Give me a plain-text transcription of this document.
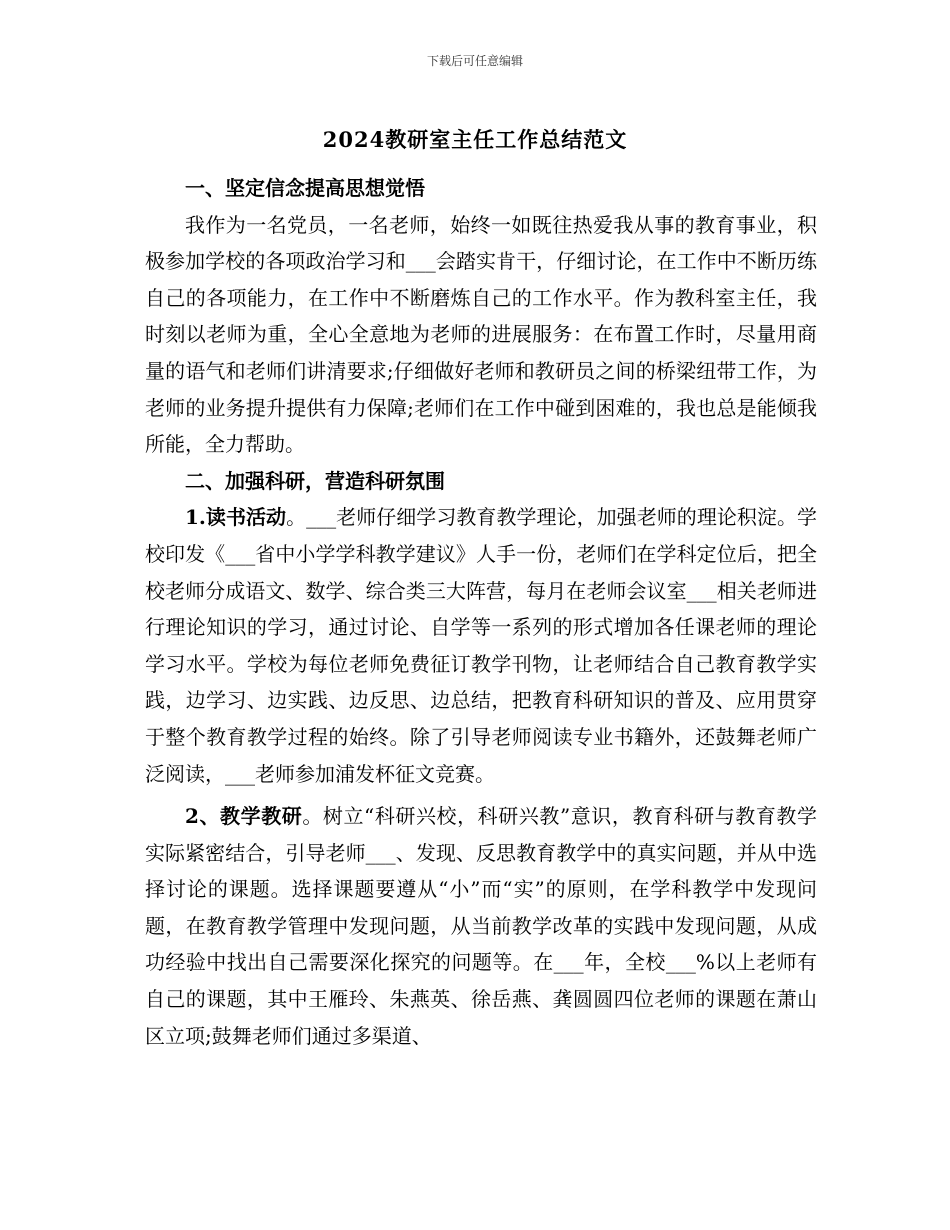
下载后可任意编辑
2024教研室主任工作总结范文

一、坚定信念提高思想觉悟

我作为一名党员，一名老师，始终一如既往热爱我从事的教育事业，积极参加学校的各项政治学习和___会踏实肯干，仔细讨论，在工作中不断历练自己的各项能力，在工作中不断磨炼自己的工作水平。作为教科室主任，我时刻以老师为重，全心全意地为老师的进展服务：在布置工作时，尽量用商量的语气和老师们讲清要求;仔细做好老师和教研员之间的桥梁纽带工作，为老师的业务提升提供有力保障;老师们在工作中碰到困难的，我也总是能倾我所能，全力帮助。

二、加强科研，营造科研氛围

1.读书活动。___老师仔细学习教育教学理论，加强老师的理论积淀。学校印发《___省中小学学科教学建议》人手一份，老师们在学科定位后，把全校老师分成语文、数学、综合类三大阵营，每月在老师会议室___相关老师进行理论知识的学习，通过讨论、自学等一系列的形式增加各任课老师的理论学习水平。学校为每位老师免费征订教学刊物，让老师结合自己教育教学实践，边学习、边实践、边反思、边总结，把教育科研知识的普及、应用贯穿于整个教育教学过程的始终。除了引导老师阅读专业书籍外，还鼓舞老师广泛阅读，___老师参加浦发杯征文竞赛。

2、教学教研。树立“科研兴校，科研兴教”意识，教育科研与教育教学实际紧密结合，引导老师___、发现、反思教育教学中的真实问题，并从中选择讨论的课题。选择课题要遵从“小”而“实”的原则，在学科教学中发现问题，在教育教学管理中发现问题，从当前教学改革的实践中发现问题，从成功经验中找出自己需要深化探究的问题等。在___年，全校___%以上老师有自己的课题，其中王雁玲、朱燕英、徐岳燕、龚圆圆四位老师的课题在萧山区立项;鼓舞老师们通过多渠道、
